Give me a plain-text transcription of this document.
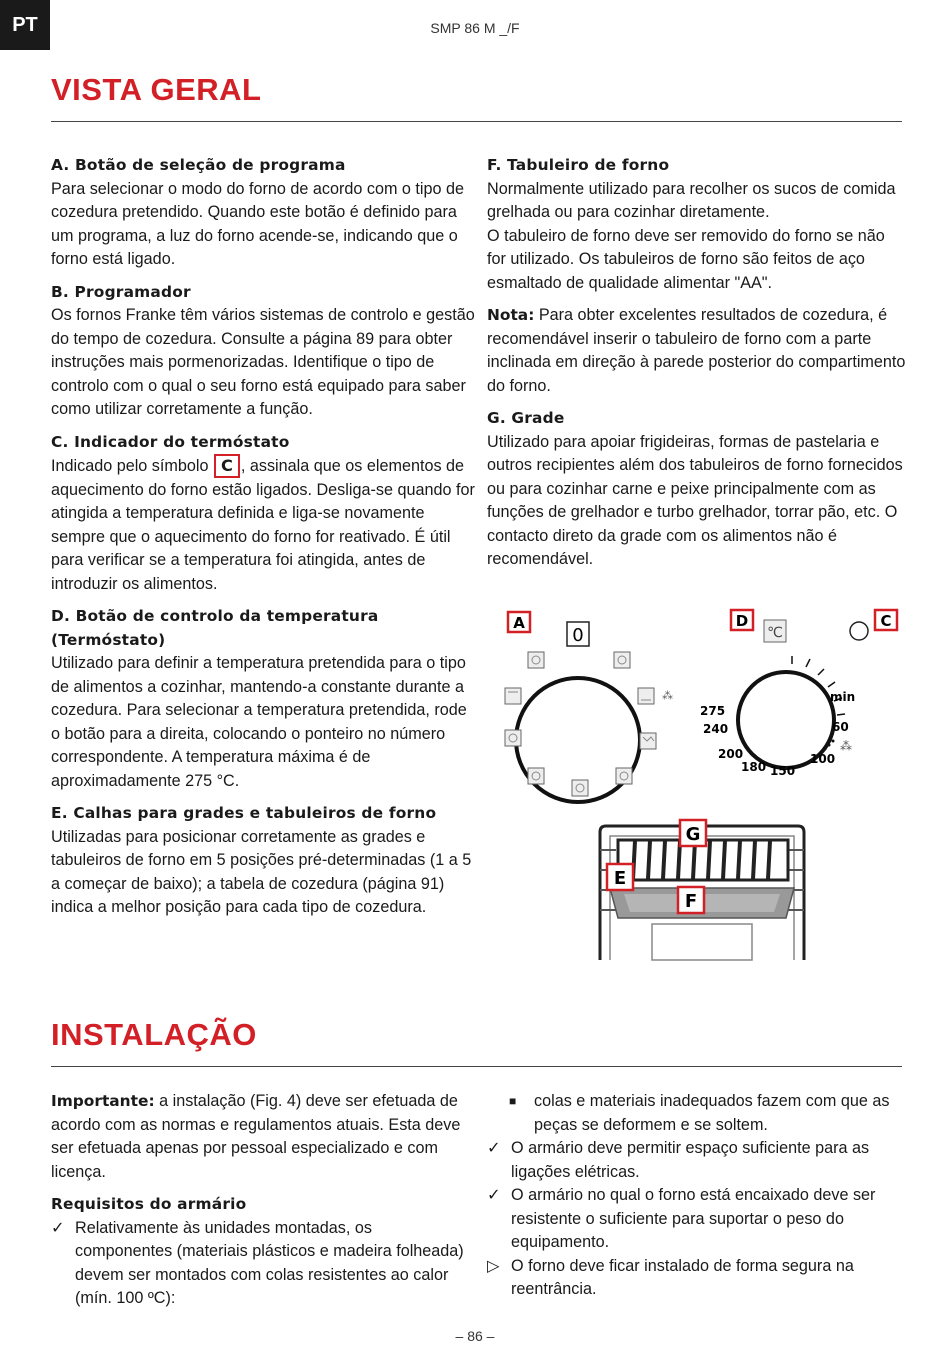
PT	SMP 86 M _/F
VISTA GERAL

A. Botão de seleção de programa
Para selecionar o modo do forno de acordo com o tipo de cozedura pretendido. Quando este botão é definido para um programa, a luz do forno acende-se, indicando que o forno está ligado.

B. Programador
Os fornos Franke têm vários sistemas de controlo e gestão do tempo de cozedura. Consulte a página 89 para obter instruções mais pormenorizadas. Identifique o tipo de controlo com o qual o seu forno está equipado para saber como utilizar corretamente a função.

C. Indicador do termóstato
Indicado pelo símbolo C , assinala que os elementos de aquecimento do forno estão ligados. Desliga-se quando for atingida a temperatura definida e liga-se novamente sempre que o aquecimento do forno for reativado. É útil para verificar se a temperatura foi atingida, antes de introduzir os alimentos.

D. Botão de controlo da temperatura (Termóstato)
Utilizado para definir a temperatura pretendida para o tipo de alimentos a cozinhar, mantendo-a constante durante a cozedura. Para selecionar a temperatura pretendida, rode o botão para a direita, colocando o ponteiro no número correspondente. A temperatura máxima é de aproximadamente 275 °C.

E. Calhas para grades e tabuleiros de forno
Utilizadas para posicionar corretamente as grades e tabuleiros de forno em 5 posições pré-determinadas (1 a 5 a começar de baixo); a tabela de cozedura (página 91) indica a melhor posição para cada tipo de cozedura.

F. Tabuleiro de forno
Normalmente utilizado para recolher os sucos de comida grelhada ou para cozinhar diretamente.
O tabuleiro de forno deve ser removido do forno se não for utilizado. Os tabuleiros de forno são feitos de aço esmaltado de qualidade alimentar "AA".

Nota: Para obter excelentes resultados de cozedura, é recomendável inserir o tabuleiro de forno com a parte inclinada em direção à parede posterior do compartimento do forno.

G. Grade
Utilizado para apoiar frigideiras, formas de pastelaria e outros recipientes além dos tabuleiros de forno fornecidos ou para cozinhar carne e peixe principalmente com as funções de grelhador e turbo grelhador, torrar pão, etc. O contacto direto da grade com os alimentos não é recomendável.

A
0
⁂
D
℃
275
240
200
180 150
100
60
min
⁂
C
G
E
F
INSTALAÇÃO

Importante: a instalação (Fig. 4) deve ser efetuada de acordo com as normas e regulamentos atuais. Esta deve ser efetuada apenas por pessoal especializado e com licença.

Requisitos do armário
✓ Relativamente às unidades montadas, os componentes (materiais plásticos e madeira folheada) devem ser montados com colas resistentes ao calor (mín. 100 ºC):
■ colas e materiais inadequados fazem com que as peças se deformem e se soltem.
✓ O armário deve permitir espaço suficiente para as ligações elétricas.
✓ O armário no qual o forno está encaixado deve ser resistente o suficiente para suportar o peso do equipamento.
▷ O forno deve ficar instalado de forma segura na reentrância.
– 86 –
